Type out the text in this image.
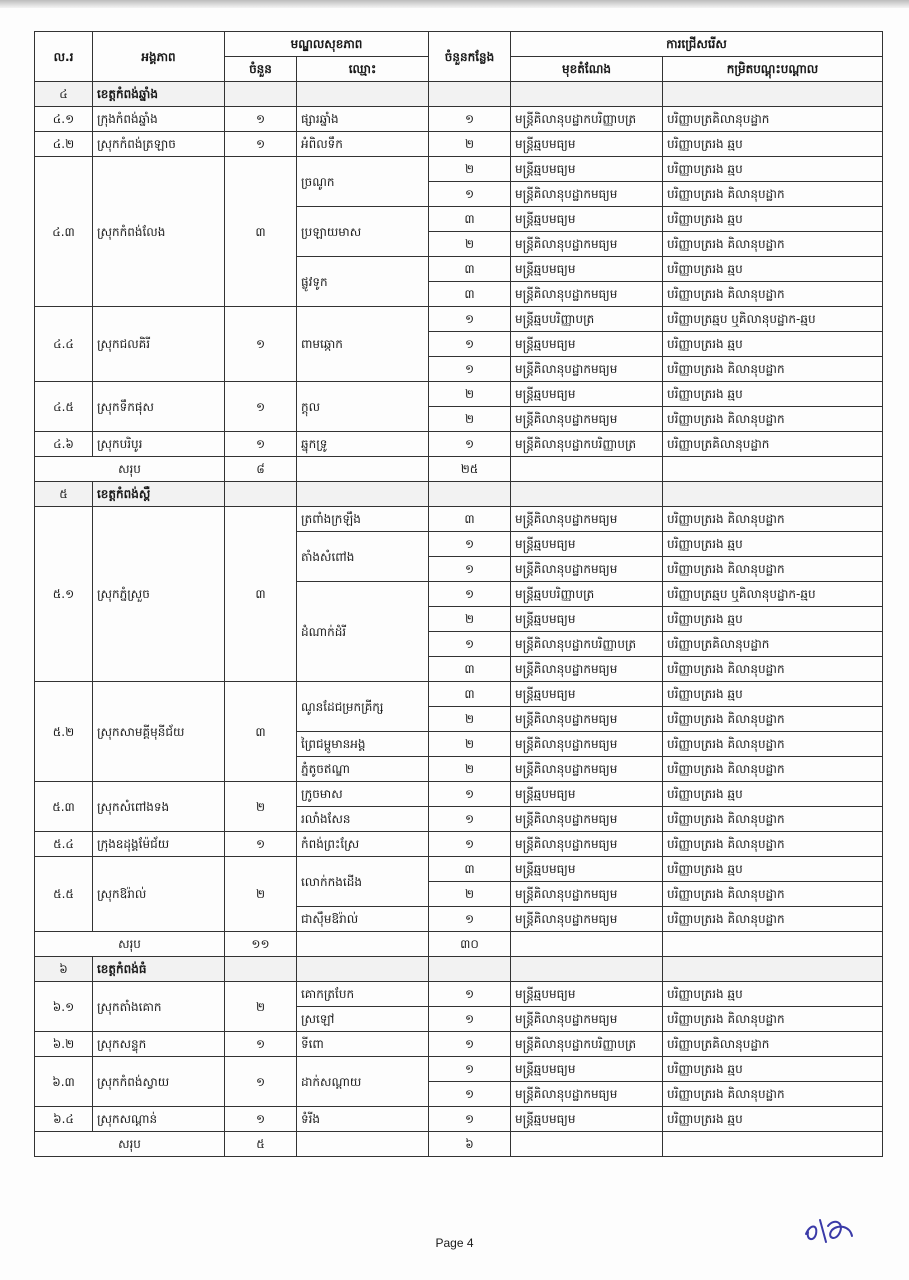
ល.រ	អង្គភាព	មណ្ឌលសុខភាព		ចំនួនកន្លែង	ការជ្រើសរើស	
		ចំនួន	ឈ្មោះ		មុខតំណែង	កម្រិតបណ្ដុះបណ្ដាល
៤	ខេត្តកំពង់ឆ្នាំង					
៤.១	ក្រុងកំពង់ឆ្នាំង	១	ផ្សារឆ្នាំង	១	មន្ត្រីគិលានុបដ្ឋាកបរិញ្ញាបត្រ	បរិញ្ញាបត្រគិលានុបដ្ឋាក
៤.២	ស្រុកកំពង់ត្រឡាច	១	អំពិលទឹក	២	មន្ត្រីឆ្មបមធ្យម	បរិញ្ញាបត្ររង ឆ្មប
៤.៣	ស្រុកកំពង់លែង	៣	ច្រណូក	២	មន្ត្រីឆ្មបមធ្យម	បរិញ្ញាបត្ររង ឆ្មប
				១	មន្ត្រីគិលានុបដ្ឋាកមធ្យម	បរិញ្ញាបត្ររង គិលានុបដ្ឋាក
			ប្រឡាយមាស	៣	មន្ត្រីឆ្មបមធ្យម	បរិញ្ញាបត្ររង ឆ្មប
				២	មន្ត្រីគិលានុបដ្ឋាកមធ្យម	បរិញ្ញាបត្ររង គិលានុបដ្ឋាក
			ផ្លូវទូក	៣	មន្ត្រីឆ្មបមធ្យម	បរិញ្ញាបត្ររង ឆ្មប
				៣	មន្ត្រីគិលានុបដ្ឋាកមធ្យម	បរិញ្ញាបត្ររង គិលានុបដ្ឋាក
៤.៤	ស្រុកជលគិរី	១	ពាមឆ្កោក	១	មន្ត្រីឆ្មបបរិញ្ញាបត្រ	បរិញ្ញាបត្រឆ្មប ឬគិលានុបដ្ឋាក-ឆ្មប
				១	មន្ត្រីឆ្មបមធ្យម	បរិញ្ញាបត្ររង ឆ្មប
				១	មន្ត្រីគិលានុបដ្ឋាកមធ្យម	បរិញ្ញាបត្ររង គិលានុបដ្ឋាក
៤.៥	ស្រុកទឹកផុស	១	ក្តុល	២	មន្ត្រីឆ្មបមធ្យម	បរិញ្ញាបត្ររង ឆ្មប
				២	មន្ត្រីគិលានុបដ្ឋាកមធ្យម	បរិញ្ញាបត្ររង គិលានុបដ្ឋាក
៤.៦	ស្រុកបរិបូរ	១	ឆ្នុកទ្រូ	១	មន្ត្រីគិលានុបដ្ឋាកបរិញ្ញាបត្រ	បរិញ្ញាបត្រគិលានុបដ្ឋាក
សរុប		៨		២៥		
៥	ខេត្តកំពង់ស្ពឺ					
៥.១	ស្រុកភ្នំស្រួច	៣	ត្រពាំងក្រឡឹង	៣	មន្ត្រីគិលានុបដ្ឋាកមធ្យម	បរិញ្ញាបត្ររង គិលានុបដ្ឋាក
			តាំងសំពៅង	១	មន្ត្រីឆ្មបមធ្យម	បរិញ្ញាបត្ររង ឆ្មប
				១	មន្ត្រីគិលានុបដ្ឋាកមធ្យម	បរិញ្ញាបត្ររង គិលានុបដ្ឋាក
			ដំណាក់ដំរី	១	មន្ត្រីឆ្មបបរិញ្ញាបត្រ	បរិញ្ញាបត្រឆ្មប ឬគិលានុបដ្ឋាក-ឆ្មប
				២	មន្ត្រីឆ្មបមធ្យម	បរិញ្ញាបត្ររង ឆ្មប
				១	មន្ត្រីគិលានុបដ្ឋាកបរិញ្ញាបត្រ	បរិញ្ញាបត្រគិលានុបដ្ឋាក
				៣	មន្ត្រីគិលានុបដ្ឋាកមធ្យម	បរិញ្ញាបត្ររង គិលានុបដ្ឋាក
៥.២	ស្រុកសាមគ្គីមុនីជ័យ	៣	ណូនដែជម្រកគ្រីក្ស	៣	មន្ត្រីឆ្មបមធ្យម	បរិញ្ញាបត្ររង ឆ្មប
				២	មន្ត្រីគិលានុបដ្ឋាកមធ្យម	បរិញ្ញាបត្ររង គិលានុបដ្ឋាក
			ព្រៃជម្ពូមានអង្គ	២	មន្ត្រីគិលានុបដ្ឋាកមធ្យម	បរិញ្ញាបត្ររង គិលានុបដ្ឋាក
			ភ្នំតូចឥណ្ឌា	២	មន្ត្រីគិលានុបដ្ឋាកមធ្យម	បរិញ្ញាបត្ររង គិលានុបដ្ឋាក
៥.៣	ស្រុកសំពៅងទង	២	ក្រូចមាស	១	មន្ត្រីឆ្មបមធ្យម	បរិញ្ញាបត្ររង ឆ្មប
			រលាំងសែន	១	មន្ត្រីគិលានុបដ្ឋាកមធ្យម	បរិញ្ញាបត្ររង គិលានុបដ្ឋាក
៥.៤	ក្រុងឧដុង្គម៉ែជ័យ	១	កំពង់ព្រះស្រែ	១	មន្ត្រីគិលានុបដ្ឋាកមធ្យម	បរិញ្ញាបត្ររង គិលានុបដ្ឋាក
៥.៥	ស្រុកឱរ៉ាល់	២	លោក់កងដើង	៣	មន្ត្រីឆ្មបមធ្យម	បរិញ្ញាបត្ររង ឆ្មប
				២	មន្ត្រីគិលានុបដ្ឋាកមធ្យម	បរិញ្ញាបត្ររង គិលានុបដ្ឋាក
			ជាស៊ឹមឱរ៉ាល់	១	មន្ត្រីគិលានុបដ្ឋាកមធ្យម	បរិញ្ញាបត្ររង គិលានុបដ្ឋាក
សរុប		១១		៣០		
៦	ខេត្តកំពង់ធំ					
៦.១	ស្រុកតាំងគោក	២	គោកត្របែក	១	មន្ត្រីឆ្មបមធ្យម	បរិញ្ញាបត្ររង ឆ្មប
			ស្រឡៅ	១	មន្ត្រីគិលានុបដ្ឋាកមធ្យម	បរិញ្ញាបត្ររង គិលានុបដ្ឋាក
៦.២	ស្រុកសន្ទុក	១	ទីពោ	១	មន្ត្រីគិលានុបដ្ឋាកបរិញ្ញាបត្រ	បរិញ្ញាបត្រគិលានុបដ្ឋាក
៦.៣	ស្រុកកំពង់ស្វាយ	១	ដាក់សណ្ដាយ	១	មន្ត្រីឆ្មបមធ្យម	បរិញ្ញាបត្ររង ឆ្មប
				១	មន្ត្រីគិលានុបដ្ឋាកមធ្យម	បរិញ្ញាបត្ររង គិលានុបដ្ឋាក
៦.៤	ស្រុកសណ្ដាន់	១	ទំរីង	១	មន្ត្រីឆ្មបមធ្យម	បរិញ្ញាបត្ររង ឆ្មប
សរុប		៥		៦		
Page 4
